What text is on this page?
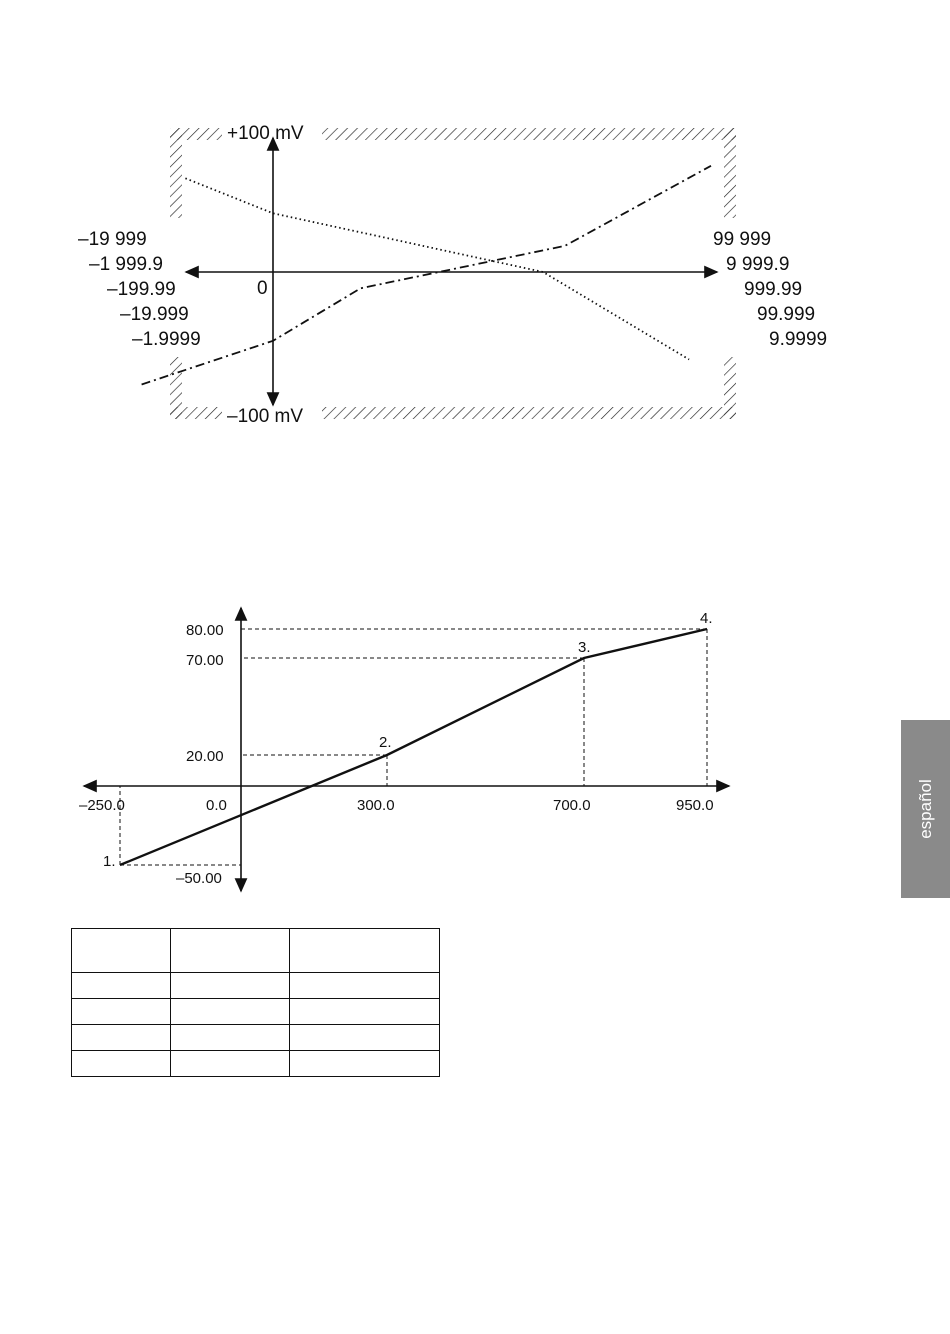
+100 mV
–100 mV
0
–19 999
–1 999.9
–199.99
–19.999
–1.9999
99 999
9 999.9
999.99
99.999
9.9999
–250.0	0.0	300.0	700.0	950.0
80.00
70.00
20.00
–50.00
1.
2.
3.
4.

español
